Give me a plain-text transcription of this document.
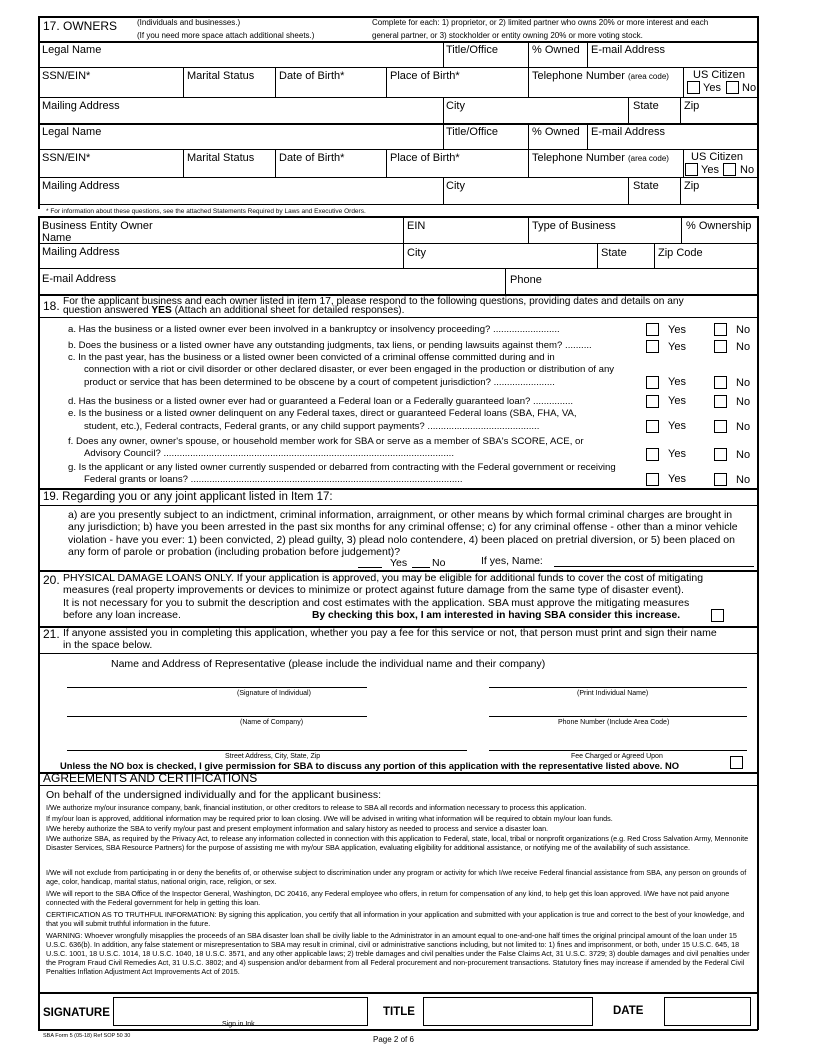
17. OWNERS (Individuals and businesses.)
(If you need more space attach additional sheets.)
Complete for each: 1) proprietor, or 2) limited partner who owns 20% or more interest and each
general partner, or 3) stockholder or entity owning 20% or more voting stock.
Legal Name	Title/Office	% Owned E-mail Address
SSN/EIN*	Marital Status Date of Birth*	Place of Birth*	Telephone Number (area code) US Citizen
Yes No
Mailing Address	City	State Zip
Legal Name	Title/Office	% Owned E-mail Address
SSN/EIN*	Marital Status Date of Birth*	Place of Birth*	Telephone Number (area code) US Citizen
Yes No
Mailing Address	City	State Zip
* For information about these questions, see the attached Statements Required by Laws and Executive Orders.
Business Entity Owner
Name
EIN	Type of Business	% Ownership
Mailing Address	City	State	Zip Code
E-mail Address	Phone
18. For the applicant business and each owner listed in item 17, please respond to the following questions, providing dates and details on any
question answered YES (Attach an additional sheet for detailed responses).
a. Has the business or a listed owner ever been involved in a bankruptcy or insolvency proceeding? .........................	Yes	No
b. Does the business or a listed owner have any outstanding judgments, tax liens, or pending lawsuits against them? ..........	Yes	No
c. In the past year, has the business or a listed owner been convicted of a criminal offense committed during and in
connection with a riot or civil disorder or other declared disaster, or ever been engaged in the production or distribution of any
product or service that has been determined to be obscene by a court of competent jurisdiction? .......................	Yes	No
d. Has the business or a listed owner ever had or guaranteed a Federal loan or a Federally guaranteed loan? ...............	Yes	No
e. Is the business or a listed owner delinquent on any Federal taxes, direct or guaranteed Federal loans (SBA, FHA, VA,
student, etc.), Federal contracts, Federal grants, or any child support payments? ..........................................	Yes	No
f. Does any owner, owner's spouse, or household member work for SBA or serve as a member of SBA's SCORE, ACE, or
Advisory Council? .............................................................................................................	Yes	No
g. Is the applicant or any listed owner currently suspended or debarred from contracting with the Federal government or receiving
Federal grants or loans? ......................................................................................................	Yes	No
19. Regarding you or any joint applicant listed in Item 17:
a) are you presently subject to an indictment, criminal information, arraignment, or other means by which formal criminal charges are brought in
any jurisdiction; b) have you been arrested in the past six months for any criminal offense; c) for any criminal offense - other than a minor vehicle
violation - have you ever: 1) been convicted, 2) plead guilty, 3) plead nolo contendere, 4) been placed on pretrial diversion, or 5) been placed on
any form of parole or probation (including probation before judgement)?
Yes No	If yes, Name:
20. PHYSICAL DAMAGE LOANS ONLY. If your application is approved, you may be eligible for additional funds to cover the cost of mitigating
measures (real property improvements or devices to minimize or protect against future damage from the same type of disaster event).
It is not necessary for you to submit the description and cost estimates with the application. SBA must approve the mitigating measures
before any loan increase.	By checking this box, I am interested in having SBA consider this increase.
21. If anyone assisted you in completing this application, whether you pay a fee for this service or not, that person must print and sign their name
in the space below.
Name and Address of Representative (please include the individual name and their company)
(Signature of Individual)	(Print Individual Name)
(Name of Company)	Phone Number (Include Area Code)
Street Address, City, State, Zip	Fee Charged or Agreed Upon
Unless the NO box is checked, I give permission for SBA to discuss any portion of this application with the representative listed above. NO
AGREEMENTS AND CERTIFICATIONS
On behalf of the undersigned individually and for the applicant business:
I/We authorize my/our insurance company, bank, financial institution, or other creditors to release to SBA all records and information necessary to process this application.
If my/our loan is approved, additional information may be required prior to loan closing. I/We will be advised in writing what information will be required to obtain my/our loan funds.
I/We hereby authorize the SBA to verify my/our past and present employment information and salary history as needed to process and service a disaster loan.
I/We authorize SBA, as required by the Privacy Act, to release any information collected in connection with this application to Federal, state, local, tribal or nonprofit organizations (e.g. Red Cross Salvation Army, Mennonite Disaster Services, SBA Resource Partners) for the purpose of assisting me with my/our SBA application, evaluating eligibility for additional assistance, or notifying me of the availability of such assistance.
I/We will not exclude from participating in or deny the benefits of, or otherwise subject to discrimination under any program or activity for which I/we receive Federal financial assistance from SBA, any person on grounds of age, color, handicap, marital status, national origin, race, religion, or sex.
I/We will report to the SBA Office of the Inspector General, Washington, DC 20416, any Federal employee who offers, in return for compensation of any kind, to help get this loan approved. I/We have not paid anyone connected with the Federal government for help in getting this loan.
CERTIFICATION AS TO TRUTHFUL INFORMATION: By signing this application, you certify that all information in your application and submitted with your application is true and correct to the best of your knowledge, and that you will submit truthful information in the future.
WARNING: Whoever wrongfully misapplies the proceeds of an SBA disaster loan shall be civilly liable to the Administrator in an amount equal to one-and-one half times the original principal amount of the loan under 15 U.S.C. 636(b). In addition, any false statement or misrepresentation to SBA may result in criminal, civil or administrative sanctions including, but not limited to: 1) fines and imprisonment, or both, under 15 U.S.C. 645, 18 U.S.C. 1001, 18 U.S.C. 1014, 18 U.S.C. 1040, 18 U.S.C. 3571, and any other applicable laws; 2) treble damages and civil penalties under the False Claims Act, 31 U.S.C. 3729; 3) double damages and civil penalties under the Program Fraud Civil Remedies Act, 31 U.S.C. 3802; and 4) suspension and/or debarment from all Federal procurement and non-procurement transactions. Statutory fines may increase if amended by the Federal Civil Penalties Inflation Adjustment Act Improvements Act of 2015.
SIGNATURE
Sign in Ink
TITLE	DATE
SBA Form 5 (05-18) Ref SOP 50 30	Page 2 of 6
